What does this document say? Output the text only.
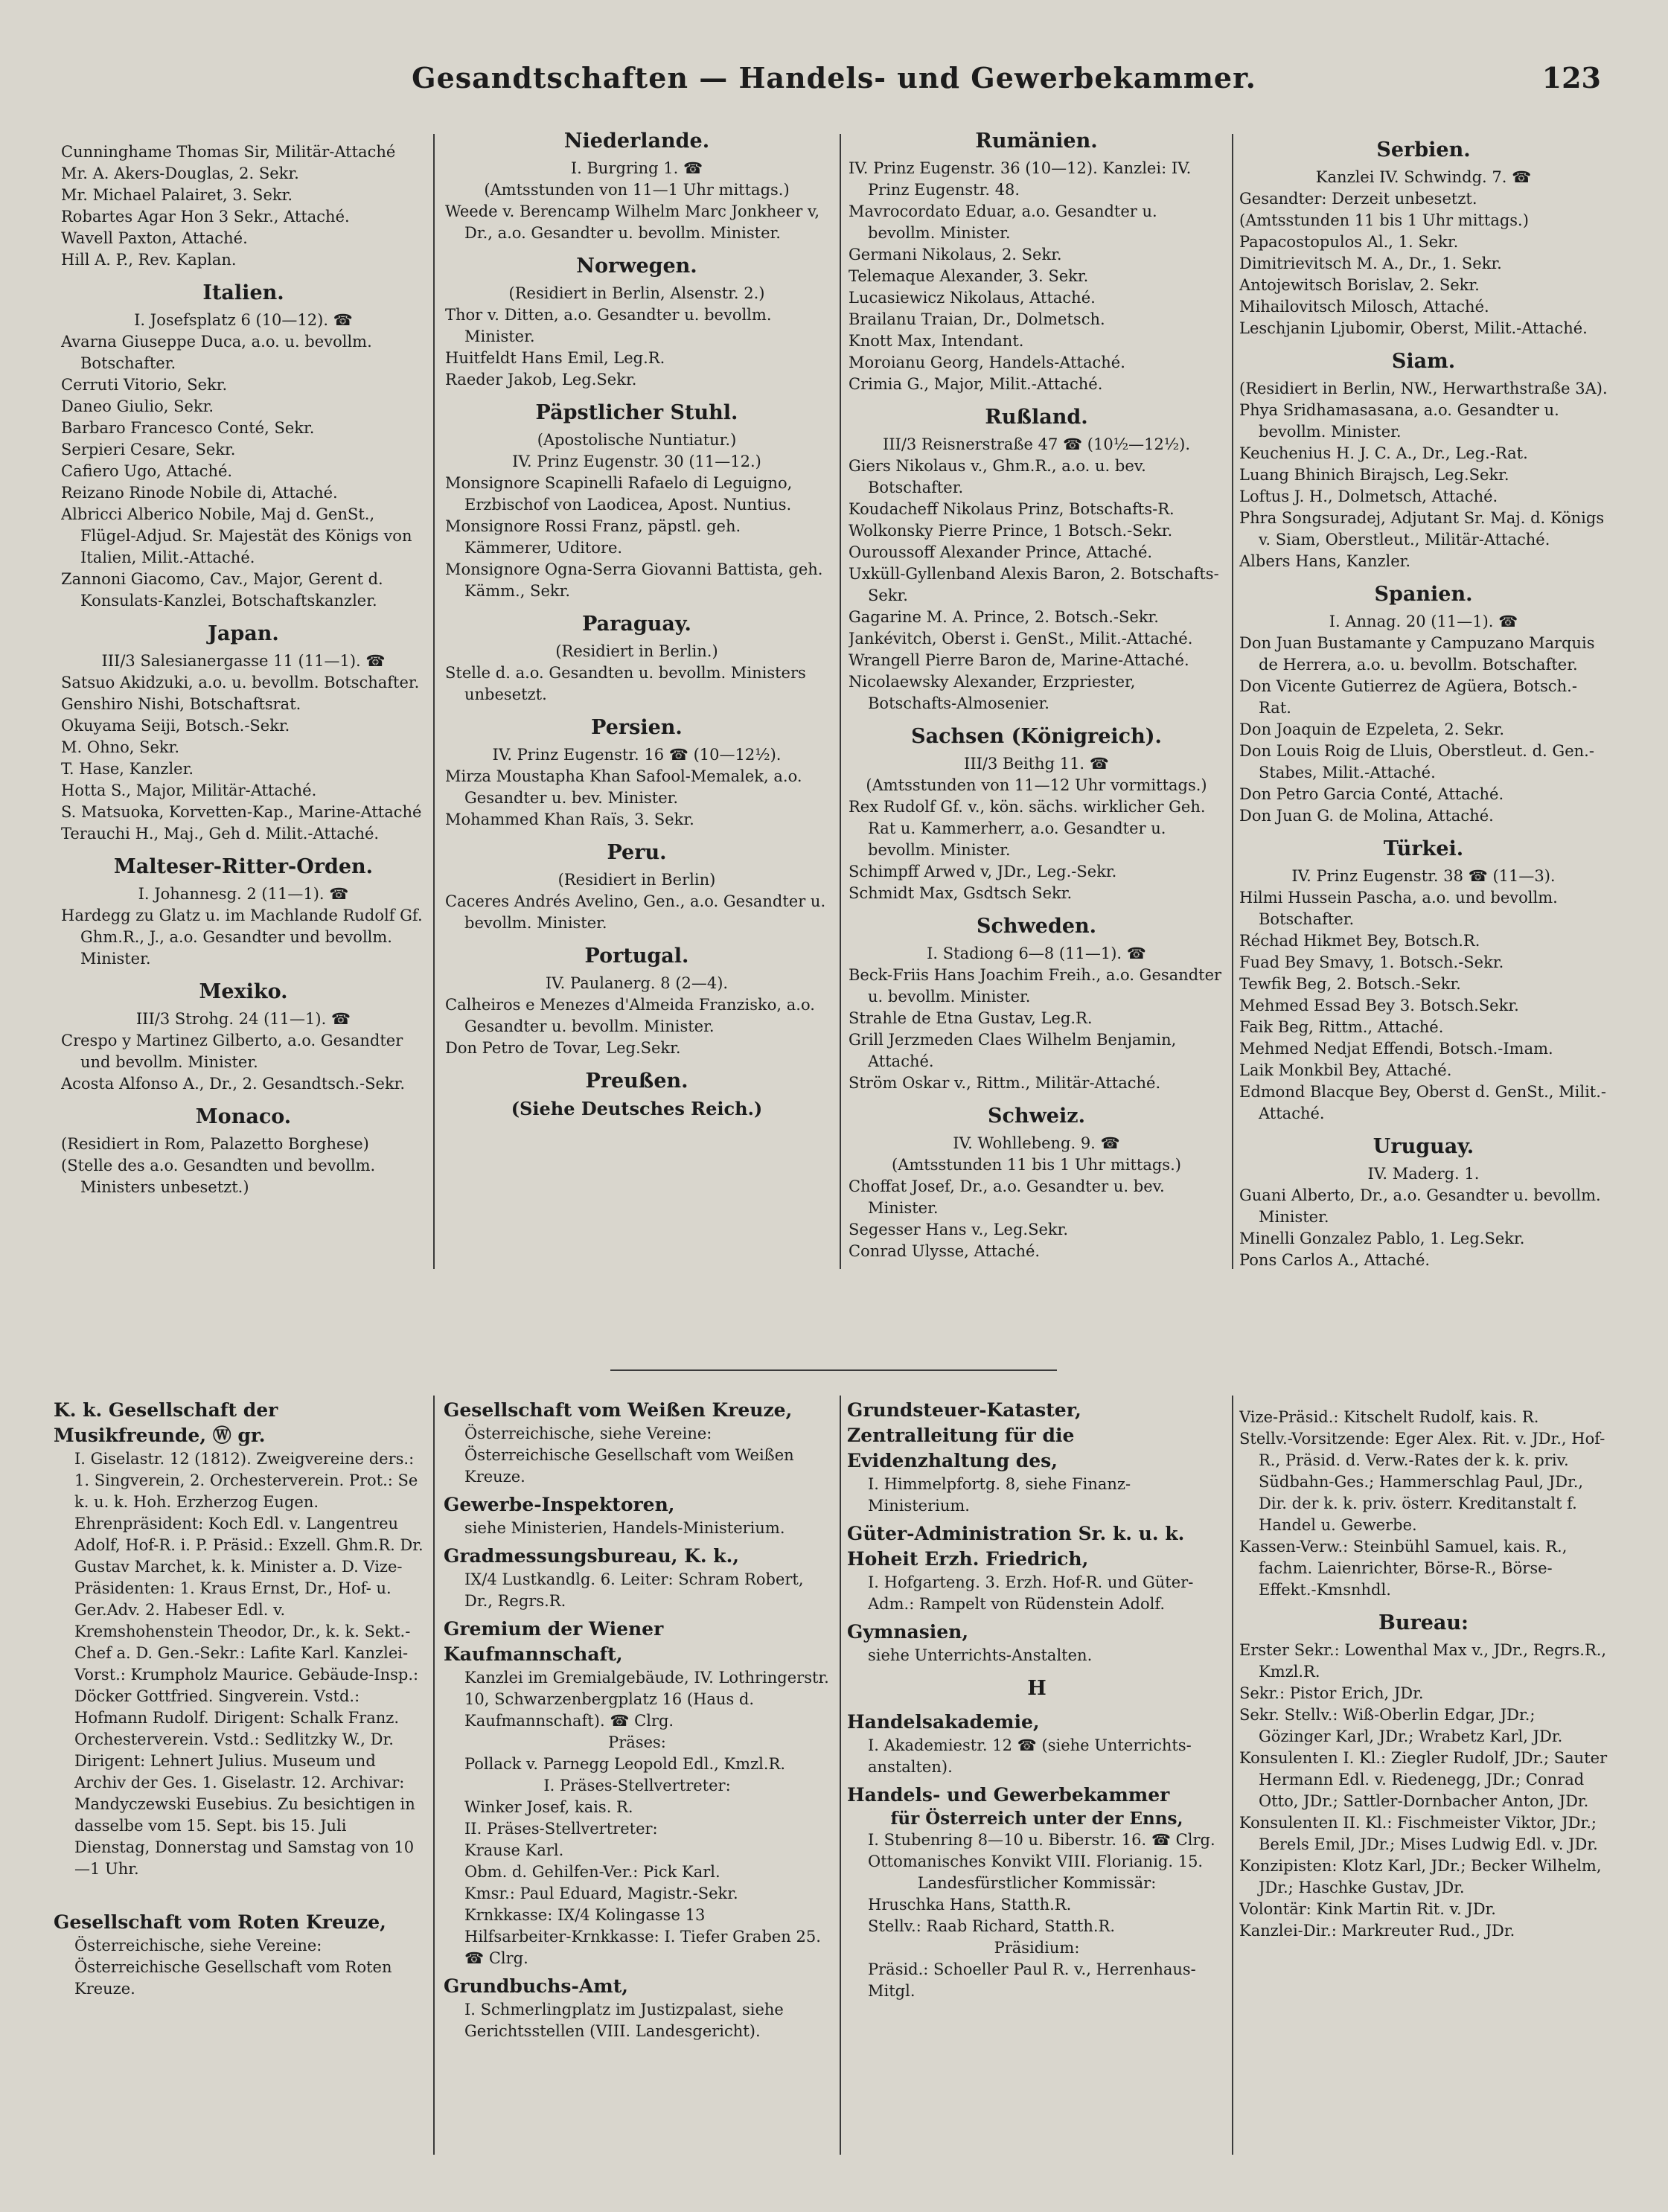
Gesandtschaften — Handels- und Gewerbekammer.	123

Cunninghame Thomas Sir, Militär-Attaché

Mr. A. Akers-Douglas, 2. Sekr.

Mr. Michael Palairet, 3. Sekr.

Robartes Agar Hon 3 Sekr., Attaché.

Wavell Paxton, Attaché.

Hill A. P., Rev. Kaplan.

Italien.

I. Josefsplatz 6 (10—12). ☎

Avarna Giuseppe Duca, a.o. u. bevollm. Botschafter.

Cerruti Vitorio, Sekr.

Daneo Giulio, Sekr.

Barbaro Francesco Conté, Sekr.

Serpieri Cesare, Sekr.

Cafiero Ugo, Attaché.

Reizano Rinode Nobile di, Attaché.

Albricci Alberico Nobile, Maj d. GenSt., Flügel-Adjud. Sr. Majestät des Königs von Italien, Milit.-Attaché.

Zannoni Giacomo, Cav., Major, Gerent d. Konsulats-Kanzlei, Botschaftskanzler.

Japan.

III/3 Salesianergasse 11 (11—1). ☎

Satsuo Akidzuki, a.o. u. bevollm. Botschafter.

Genshiro Nishi, Botschaftsrat.

Okuyama Seiji, Botsch.-Sekr.

M. Ohno, Sekr.

T. Hase, Kanzler.

Hotta S., Major, Militär-Attaché.

S. Matsuoka, Korvetten-Kap., Marine-Attaché

Terauchi H., Maj., Geh d. Milit.-Attaché.

Malteser-Ritter-Orden.

I. Johannesg. 2 (11—1). ☎

Hardegg zu Glatz u. im Machlande Rudolf Gf. Ghm.R., J., a.o. Gesandter und bevollm. Minister.

Mexiko.

III/3 Strohg. 24 (11—1). ☎

Crespo y Martinez Gilberto, a.o. Gesandter und bevollm. Minister.

Acosta Alfonso A., Dr., 2. Gesandtsch.-Sekr.

Monaco.

(Residiert in Rom, Palazetto Borghese)

(Stelle des a.o. Gesandten und bevollm. Ministers unbesetzt.)

Niederlande.

I. Burgring 1. ☎

(Amtsstunden von 11—1 Uhr mittags.)

Weede v. Berencamp Wilhelm Marc Jonkheer v, Dr., a.o. Gesandter u. bevollm. Minister.

Norwegen.

(Residiert in Berlin, Alsenstr. 2.)

Thor v. Ditten, a.o. Gesandter u. bevollm. Minister.

Huitfeldt Hans Emil, Leg.R.

Raeder Jakob, Leg.Sekr.

Päpstlicher Stuhl.

(Apostolische Nuntiatur.)

IV. Prinz Eugenstr. 30 (11—12.)

Monsignore Scapinelli Rafaelo di Leguigno, Erzbischof von Laodicea, Apost. Nuntius.

Monsignore Rossi Franz, päpstl. geh. Kämmerer, Uditore.

Monsignore Ogna-Serra Giovanni Battista, geh. Kämm., Sekr.

Paraguay.

(Residiert in Berlin.)

Stelle d. a.o. Gesandten u. bevollm. Ministers unbesetzt.

Persien.

IV. Prinz Eugenstr. 16 ☎ (10—12½).

Mirza Moustapha Khan Safool-Memalek, a.o. Gesandter u. bev. Minister.

Mohammed Khan Raïs, 3. Sekr.

Peru.

(Residiert in Berlin)

Caceres Andrés Avelino, Gen., a.o. Gesandter u. bevollm. Minister.

Portugal.

IV. Paulanerg. 8 (2—4).

Calheiros e Menezes d'Almeida Franzisko, a.o. Gesandter u. bevollm. Minister.

Don Petro de Tovar, Leg.Sekr.

Preußen.

(Siehe Deutsches Reich.)

Rumänien.

IV. Prinz Eugenstr. 36 (10—12). Kanzlei: IV. Prinz Eugenstr. 48.

Mavrocordato Eduar, a.o. Gesandter u. bevollm. Minister.

Germani Nikolaus, 2. Sekr.

Telemaque Alexander, 3. Sekr.

Lucasiewicz Nikolaus, Attaché.

Brailanu Traian, Dr., Dolmetsch.

Knott Max, Intendant.

Moroianu Georg, Handels-Attaché.

Crimia G., Major, Milit.-Attaché.

Rußland.

III/3 Reisnerstraße 47 ☎ (10½—12½).

Giers Nikolaus v., Ghm.R., a.o. u. bev. Botschafter.

Koudacheff Nikolaus Prinz, Botschafts-R.

Wolkonsky Pierre Prince, 1 Botsch.-Sekr.

Ouroussoff Alexander Prince, Attaché.

Uxküll-Gyllenband Alexis Baron, 2. Botschafts-Sekr.

Gagarine M. A. Prince, 2. Botsch.-Sekr.

Jankévitch, Oberst i. GenSt., Milit.-Attaché.

Wrangell Pierre Baron de, Marine-Attaché.

Nicolaewsky Alexander, Erzpriester, Botschafts-Almosenier.

Sachsen (Königreich).

III/3 Beithg 11. ☎

(Amtsstunden von 11—12 Uhr vormittags.)

Rex Rudolf Gf. v., kön. sächs. wirklicher Geh. Rat u. Kammerherr, a.o. Gesandter u. bevollm. Minister.

Schimpff Arwed v, JDr., Leg.-Sekr.

Schmidt Max, Gsdtsch Sekr.

Schweden.

I. Stadiong 6—8 (11—1). ☎

Beck-Friis Hans Joachim Freih., a.o. Gesandter u. bevollm. Minister.

Strahle de Etna Gustav, Leg.R.

Grill Jerzmeden Claes Wilhelm Benjamin, Attaché.

Ström Oskar v., Rittm., Militär-Attaché.

Schweiz.

IV. Wohllebeng. 9. ☎

(Amtsstunden 11 bis 1 Uhr mittags.)

Choffat Josef, Dr., a.o. Gesandter u. bev. Minister.

Segesser Hans v., Leg.Sekr.

Conrad Ulysse, Attaché.

Serbien.

Kanzlei IV. Schwindg. 7. ☎

Gesandter: Derzeit unbesetzt.

(Amtsstunden 11 bis 1 Uhr mittags.)

Papacostopulos Al., 1. Sekr.

Dimitrievitsch M. A., Dr., 1. Sekr.

Antojewitsch Borislav, 2. Sekr.

Mihailovitsch Milosch, Attaché.

Leschjanin Ljubomir, Oberst, Milit.-Attaché.

Siam.

(Residiert in Berlin, NW., Herwarthstraße 3A).

Phya Sridhamasasana, a.o. Gesandter u. bevollm. Minister.

Keuchenius H. J. C. A., Dr., Leg.-Rat.

Luang Bhinich Birajsch, Leg.Sekr.

Loftus J. H., Dolmetsch, Attaché.

Phra Songsuradej, Adjutant Sr. Maj. d. Königs v. Siam, Oberstleut., Militär-Attaché.

Albers Hans, Kanzler.

Spanien.

I. Annag. 20 (11—1). ☎

Don Juan Bustamante y Campuzano Marquis de Herrera, a.o. u. bevollm. Botschafter.

Don Vicente Gutierrez de Agüera, Botsch.-Rat.

Don Joaquin de Ezpeleta, 2. Sekr.

Don Louis Roig de Lluis, Oberstleut. d. Gen.-Stabes, Milit.-Attaché.

Don Petro Garcia Conté, Attaché.

Don Juan G. de Molina, Attaché.

Türkei.

IV. Prinz Eugenstr. 38 ☎ (11—3).

Hilmi Hussein Pascha, a.o. und bevollm. Botschafter.

Réchad Hikmet Bey, Botsch.R.

Fuad Bey Smavy, 1. Botsch.-Sekr.

Tewfik Beg, 2. Botsch.-Sekr.

Mehmed Essad Bey 3. Botsch.Sekr.

Faik Beg, Rittm., Attaché.

Mehmed Nedjat Effendi, Botsch.-Imam.

Laik Monkbil Bey, Attaché.

Edmond Blacque Bey, Oberst d. GenSt., Milit.-Attaché.

Uruguay.

IV. Maderg. 1.

Guani Alberto, Dr., a.o. Gesandter u. bevollm. Minister.

Minelli Gonzalez Pablo, 1. Leg.Sekr.

Pons Carlos A., Attaché.

K. k. Gesellschaft der Musikfreunde, Ⓦ gr.

I. Giselastr. 12 (1812). Zweigvereine ders.: 1. Singverein, 2. Orchesterverein. Prot.: Se k. u. k. Hoh. Erzherzog Eugen. Ehrenpräsident: Koch Edl. v. Langentreu Adolf, Hof-R. i. P. Präsid.: Exzell. Ghm.R. Dr. Gustav Marchet, k. k. Minister a. D. Vize-Präsidenten: 1. Kraus Ernst, Dr., Hof- u. Ger.Adv. 2. Habeser Edl. v. Kremshohenstein Theodor, Dr., k. k. Sekt.-Chef a. D. Gen.-Sekr.: Lafite Karl. Kanzlei-Vorst.: Krumpholz Maurice. Gebäude-Insp.: Döcker Gottfried. Singverein. Vstd.: Hofmann Rudolf. Dirigent: Schalk Franz. Orchesterverein. Vstd.: Sedlitzky W., Dr. Dirigent: Lehnert Julius. Museum und Archiv der Ges. 1. Giselastr. 12. Archivar: Mandyczewski Eusebius. Zu besichtigen in dasselbe vom 15. Sept. bis 15. Juli Dienstag, Donnerstag und Samstag von 10—1 Uhr.

Gesellschaft vom Roten Kreuze,

Österreichische, siehe Vereine: Österreichische Gesellschaft vom Roten Kreuze.

Gesellschaft vom Weißen Kreuze,

Österreichische, siehe Vereine: Österreichische Gesellschaft vom Weißen Kreuze.

Gewerbe-Inspektoren,

siehe Ministerien, Handels-Ministerium.

Gradmessungsbureau, K. k.,

IX/4 Lustkandlg. 6. Leiter: Schram Robert, Dr., Regrs.R.

Gremium der Wiener Kaufmannschaft,

Kanzlei im Gremialgebäude, IV. Lothringerstr. 10, Schwarzenbergplatz 16 (Haus d. Kaufmannschaft). ☎ Clrg.

Präses:

Pollack v. Parnegg Leopold Edl., Kmzl.R.

I. Präses-Stellvertreter:

Winker Josef, kais. R.

II. Präses-Stellvertreter:

Krause Karl.

Obm. d. Gehilfen-Ver.: Pick Karl.

Kmsr.: Paul Eduard, Magistr.-Sekr.

Krnkkasse: IX/4 Kolingasse 13

Hilfsarbeiter-Krnkkasse: I. Tiefer Graben 25. ☎ Clrg.

Grundbuchs-Amt,

I. Schmerlingplatz im Justizpalast, siehe Gerichtsstellen (VIII. Landesgericht).

Grundsteuer-Kataster, Zentralleitung für die Evidenzhaltung des,

I. Himmelpfortg. 8, siehe Finanz-Ministerium.

Güter-Administration Sr. k. u. k. Hoheit Erzh. Friedrich,

I. Hofgarteng. 3. Erzh. Hof-R. und Güter-Adm.: Rampelt von Rüdenstein Adolf.

Gymnasien,

siehe Unterrichts-Anstalten.

H

Handelsakademie,

I. Akademiestr. 12 ☎ (siehe Unterrichts-anstalten).

Handels- und Gewerbekammer

für Österreich unter der Enns,

I. Stubenring 8—10 u. Biberstr. 16. ☎ Clrg. Ottomanisches Konvikt VIII. Florianig. 15.

Landesfürstlicher Kommissär:

Hruschka Hans, Statth.R.

Stellv.: Raab Richard, Statth.R.

Präsidium:

Präsid.: Schoeller Paul R. v., Herrenhaus-Mitgl.

Vize-Präsid.: Kitschelt Rudolf, kais. R.

Stellv.-Vorsitzende: Eger Alex. Rit. v. JDr., Hof-R., Präsid. d. Verw.-Rates der k. k. priv. Südbahn-Ges.; Hammerschlag Paul, JDr., Dir. der k. k. priv. österr. Kreditanstalt f. Handel u. Gewerbe.

Kassen-Verw.: Steinbühl Samuel, kais. R., fachm. Laienrichter, Börse-R., Börse-Effekt.-Kmsnhdl.

Bureau:

Erster Sekr.: Lowenthal Max v., JDr., Regrs.R., Kmzl.R.

Sekr.: Pistor Erich, JDr.

Sekr. Stellv.: Wiß-Oberlin Edgar, JDr.; Gözinger Karl, JDr.; Wrabetz Karl, JDr.

Konsulenten I. Kl.: Ziegler Rudolf, JDr.; Sauter Hermann Edl. v. Riedenegg, JDr.; Conrad Otto, JDr.; Sattler-Dornbacher Anton, JDr.

Konsulenten II. Kl.: Fischmeister Viktor, JDr.; Berels Emil, JDr.; Mises Ludwig Edl. v. JDr.

Konzipisten: Klotz Karl, JDr.; Becker Wilhelm, JDr.; Haschke Gustav, JDr.

Volontär: Kink Martin Rit. v. JDr.

Kanzlei-Dir.: Markreuter Rud., JDr.
